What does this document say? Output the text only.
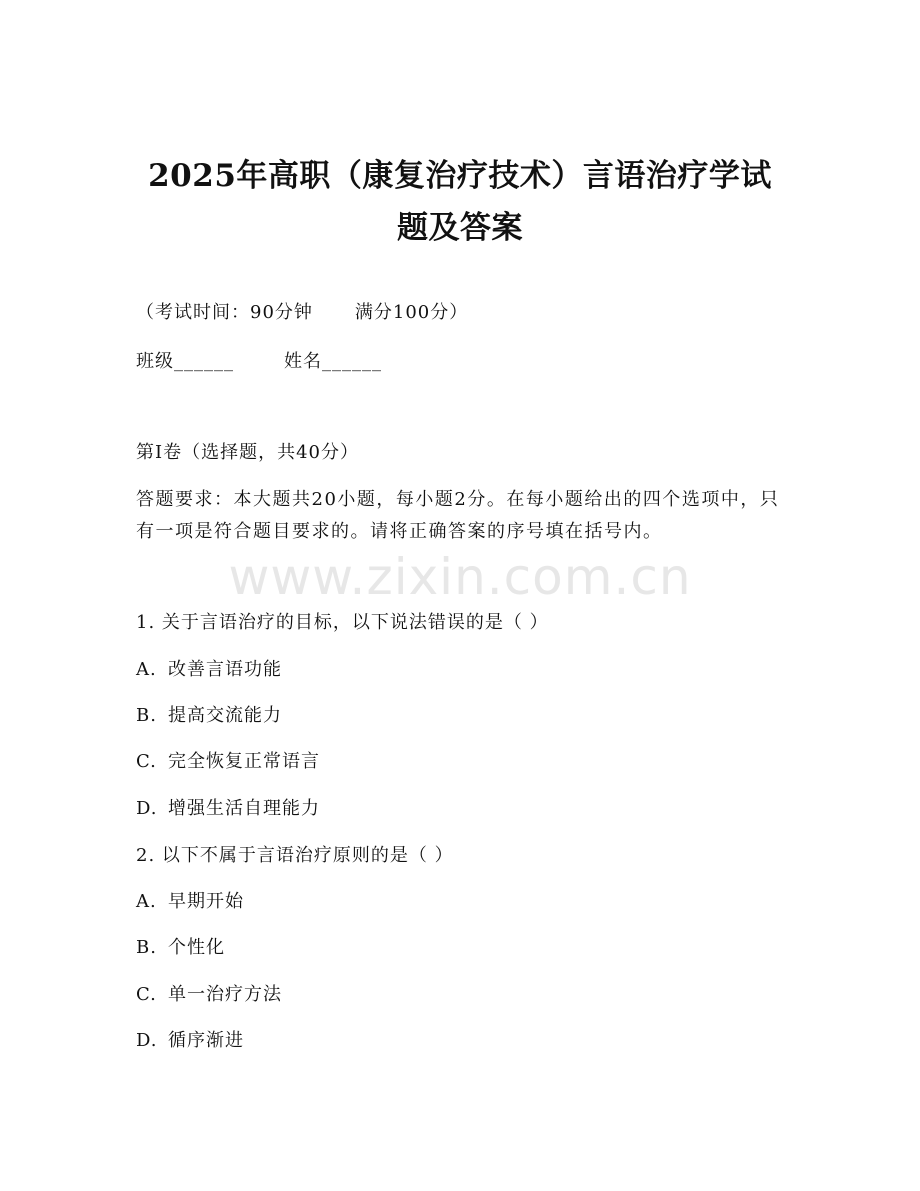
2025年高职（康复治疗技术）言语治疗学试
题及答案
（考试时间：90分钟 满分100分）
班级______	姓名______
第Ⅰ卷（选择题，共40分）
答题要求：本大题共20小题，每小题2分。在每小题给出的四个选项中，只有一项是符合题目要求的。请将正确答案的序号填在括号内。
www.zixin.com.cn
1. 关于言语治疗的目标，以下说法错误的是（ ）
A. 改善言语功能
B. 提高交流能力
C. 完全恢复正常语言
D. 增强生活自理能力
2. 以下不属于言语治疗原则的是（ ）
A. 早期开始
B. 个性化
C. 单一治疗方法
D. 循序渐进
